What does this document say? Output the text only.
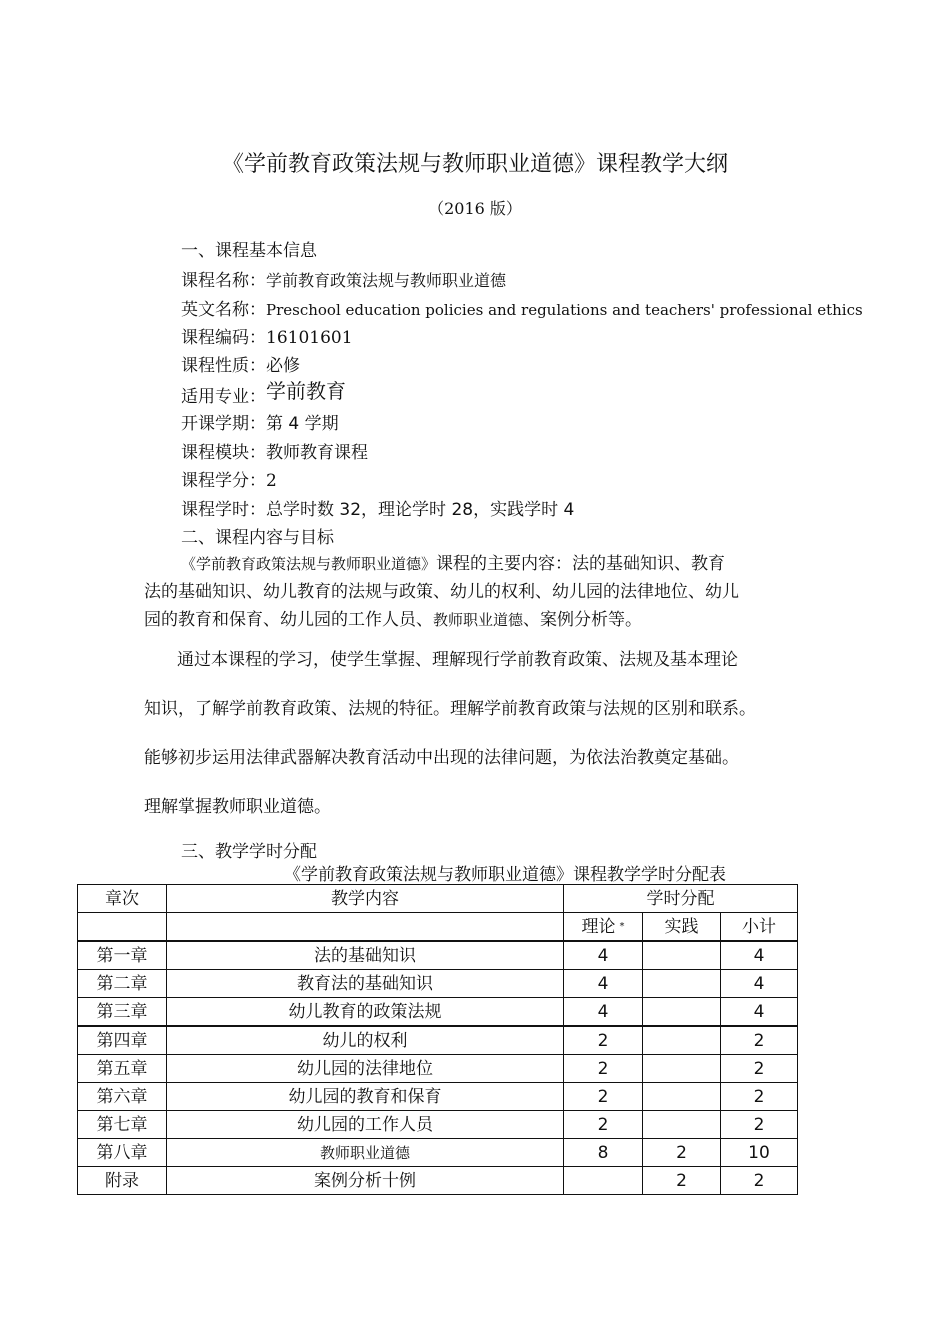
《学前教育政策法规与教师职业道德》课程教学大纲
（2016 版）
一、课程基本信息
课程名称：学前教育政策法规与教师职业道德
英文名称：Preschool education policies and regulations and teachers' professional ethics
课程编码：16101601
课程性质：必修
适用专业：学前教育
开课学期：第 4 学期
课程模块：教师教育课程
课程学分：2
课程学时：总学时数 32，理论学时 28，实践学时 4
二、课程内容与目标
《学前教育政策法规与教师职业道德》课程的主要内容：法的基础知识、教育
法的基础知识、幼儿教育的法规与政策、幼儿的权利、幼儿园的法律地位、幼儿
园的教育和保育、幼儿园的工作人员、教师职业道德、案例分析等。
通过本课程的学习，使学生掌握、理解现行学前教育政策、法规及基本理论
知识，了解学前教育政策、法规的特征。理解学前教育政策与法规的区别和联系。
能够初步运用法律武器解决教育活动中出现的法律问题，为依法治教奠定基础。
理解掌握教师职业道德。
三、教学学时分配
《学前教育政策法规与教师职业道德》课程教学学时分配表
章次	教学内容	学时分配		
		理论 *	实践	小计
第一章	法的基础知识	4		4
第二章	教育法的基础知识	4		4
第三章	幼儿教育的政策法规	4		4
第四章	幼儿的权利	2		2
第五章	幼儿园的法律地位	2		2
第六章	幼儿园的教育和保育	2		2
第七章	幼儿园的工作人员	2		2
第八章	教师职业道德	8	2	10
附录	案例分析十例		2	2
